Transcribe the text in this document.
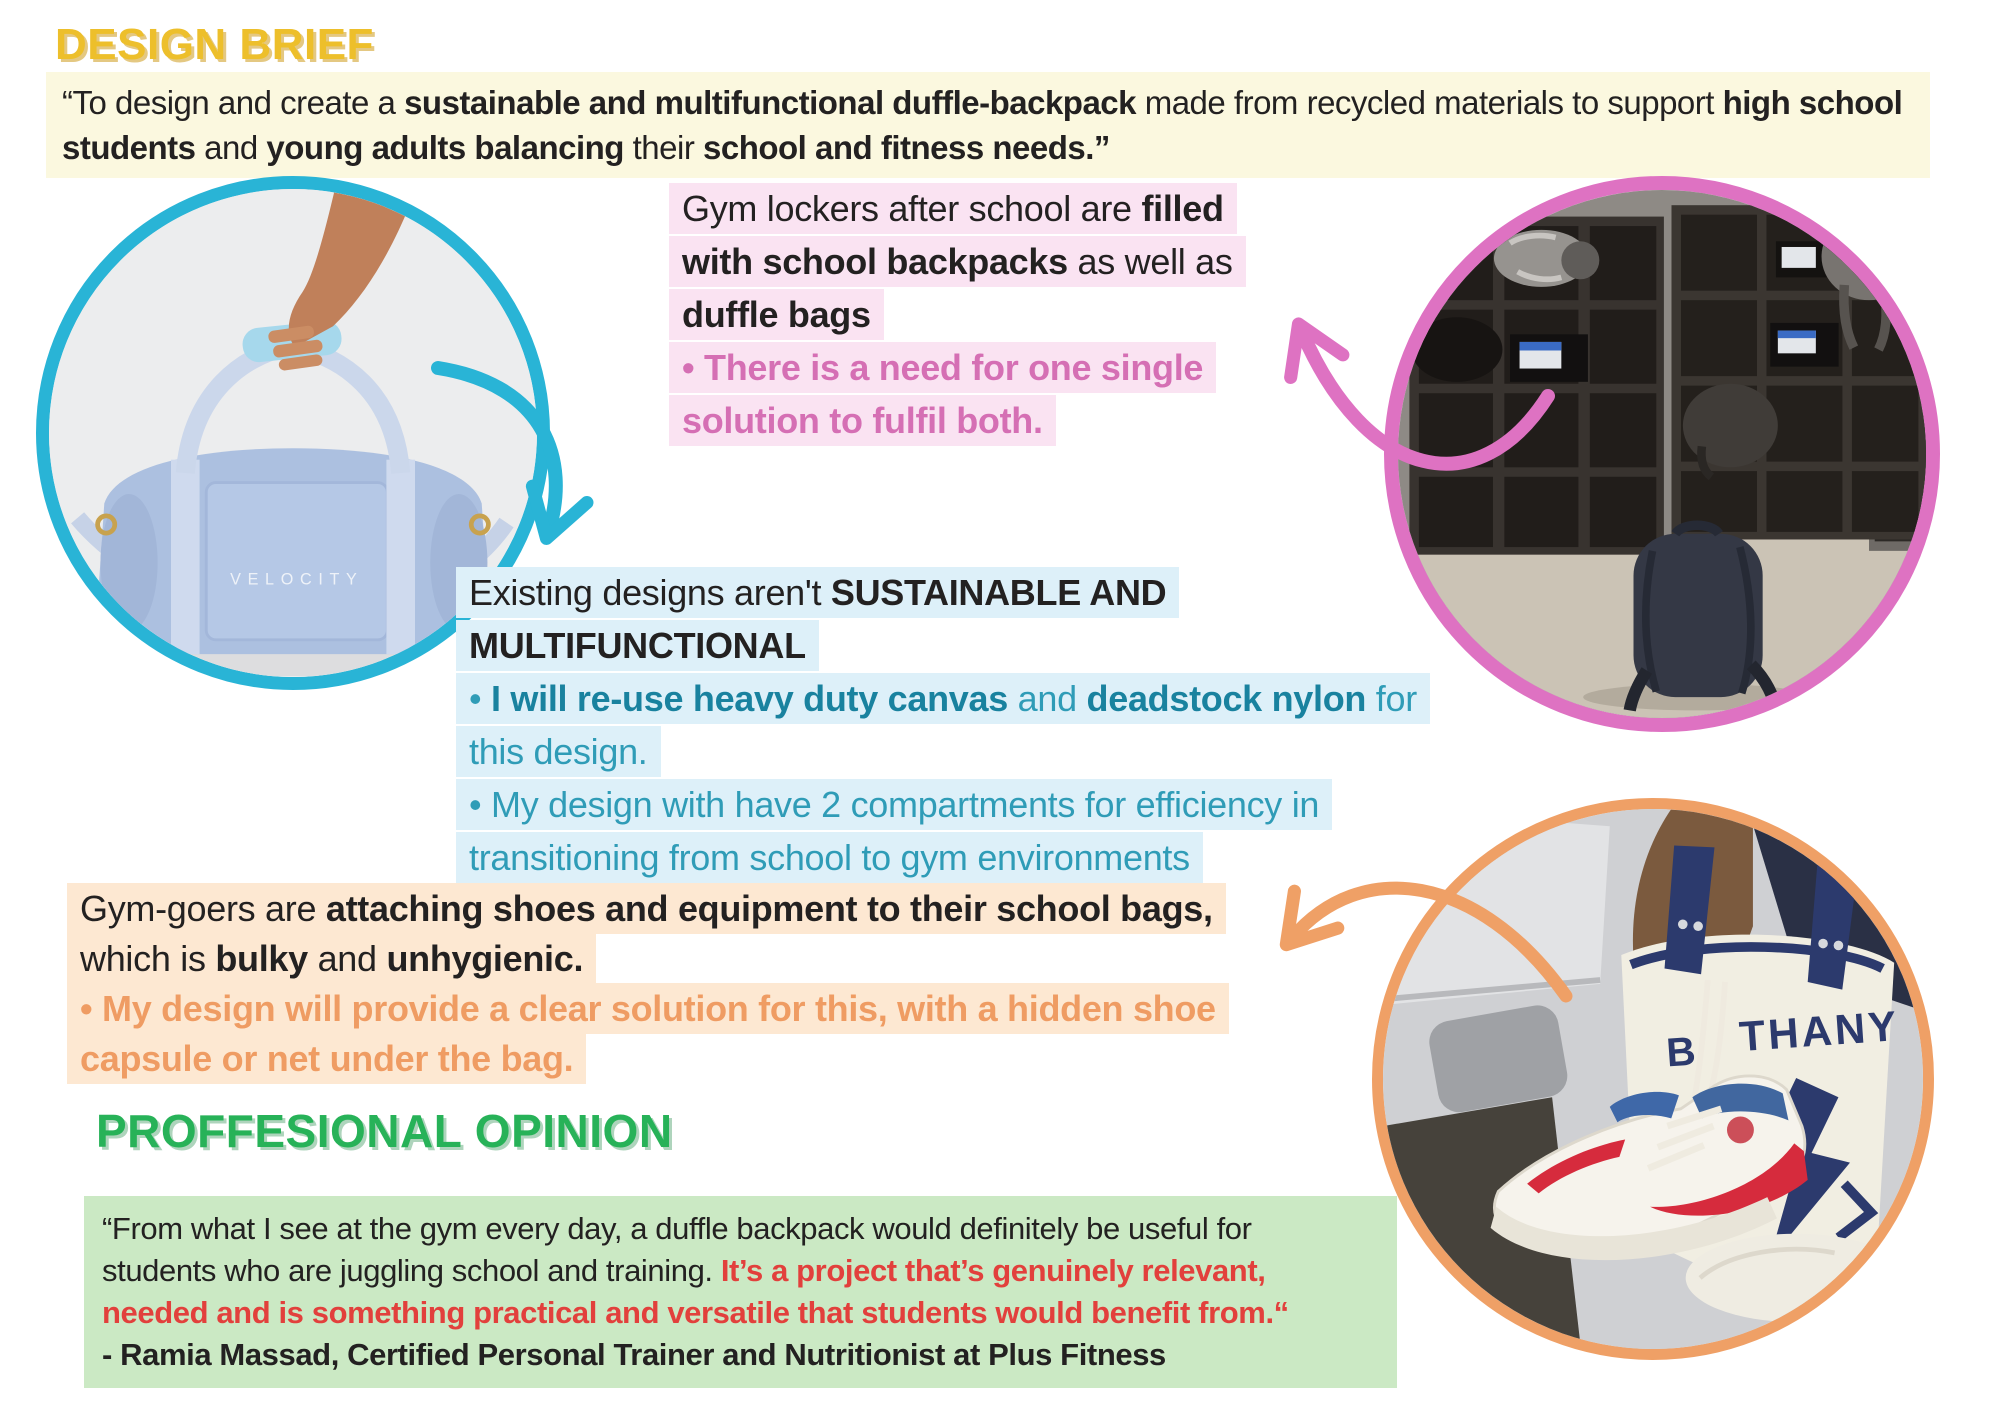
DESIGN BRIEF
“To design and create a sustainable and multifunctional duffle-backpack made from recycled materials to support high school
students and young adults balancing their school and fitness needs.”
VELOCITY
Gym lockers after school are filled
with school backpacks as well as
duffle bags
• There is a need for one single
solution to fulfil both.
Existing designs aren't SUSTAINABLE AND
MULTIFUNCTIONAL
• I will re-use heavy duty canvas and deadstock nylon for
this design.
• My design with have 2 compartments for efficiency in
transitioning from school to gym environments
Gym-goers are attaching shoes and equipment to their school bags,
which is bulky and unhygienic.
• My design will provide a clear solution for this, with a hidden shoe
capsule or net under the bag.	B THANY
PROFFESIONAL OPINION
“From what I see at the gym every day, a duffle backpack would definitely be useful for
students who are juggling school and training. It’s a project that’s genuinely relevant,
needed and is something practical and versatile that students would benefit from.“
- Ramia Massad, Certified Personal Trainer and Nutritionist at Plus Fitness
